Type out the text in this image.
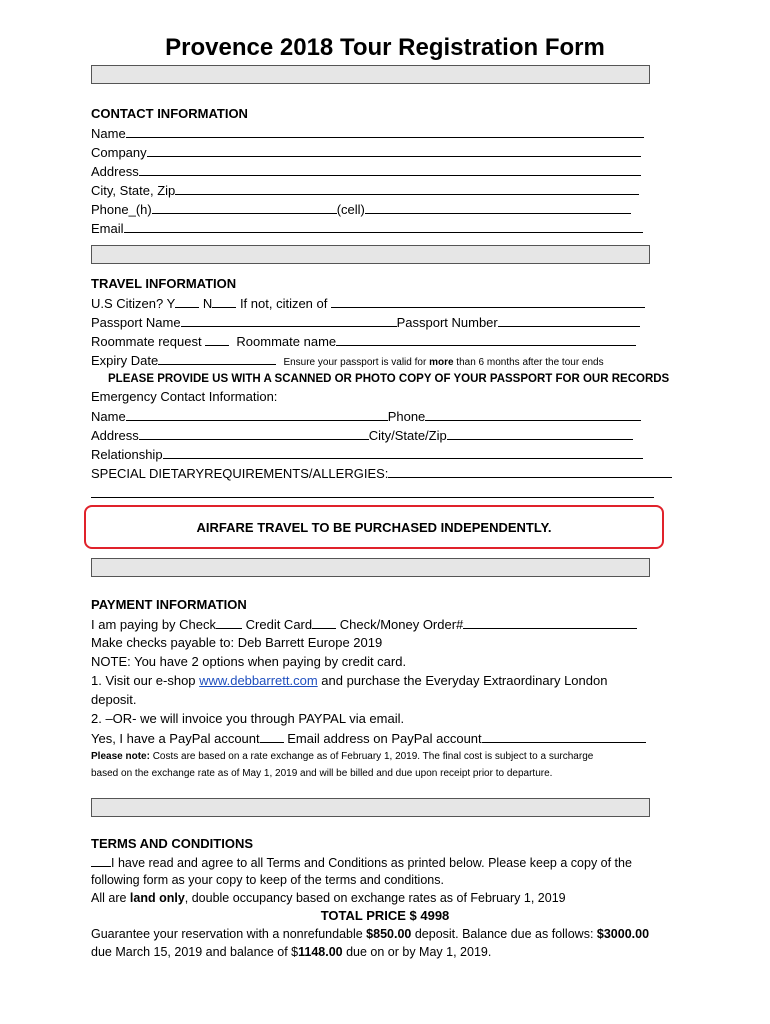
Provence 2018 Tour Registration Form
CONTACT INFORMATION
Name
Company
Address
City, State, Zip
Phone_(h)	(cell)
Email
TRAVEL INFORMATION
U.S Citizen? Y N If not, citizen of
Passport Name	Passport Number
Roommate request	Roommate name
Expiry Date	Ensure your passport is valid for more than 6 months after the tour ends
PLEASE PROVIDE US WITH A SCANNED OR PHOTO COPY OF YOUR PASSPORT FOR OUR RECORDS
Emergency Contact Information:
Name	Phone
Address	City/State/Zip
Relationship
SPECIAL DIETARYREQUIREMENTS/ALLERGIES:
AIRFARE TRAVEL TO BE PURCHASED INDEPENDENTLY.
PAYMENT INFORMATION
I am paying by Check Credit Card Check/Money Order#
Make checks payable to: Deb Barrett Europe 2019
NOTE: You have 2 options when paying by credit card.
1. Visit our e-shop www.debbarrett.com and purchase the Everyday Extraordinary London
deposit.
2. –OR- we will invoice you through PAYPAL via email.
Yes, I have a PayPal account Email address on PayPal account
Please note: Costs are based on a rate exchange as of February 1, 2019. The final cost is subject to a surcharge
based on the exchange rate as of May 1, 2019 and will be billed and due upon receipt prior to departure.
TERMS AND CONDITIONS
I have read and agree to all Terms and Conditions as printed below. Please keep a copy of the
following form as your copy to keep of the terms and conditions.
All are land only, double occupancy based on exchange rates as of February 1, 2019
TOTAL PRICE $ 4998
Guarantee your reservation with a nonrefundable $850.00 deposit. Balance due as follows: $3000.00
due March 15, 2019 and balance of $1148.00 due on or by May 1, 2019.
